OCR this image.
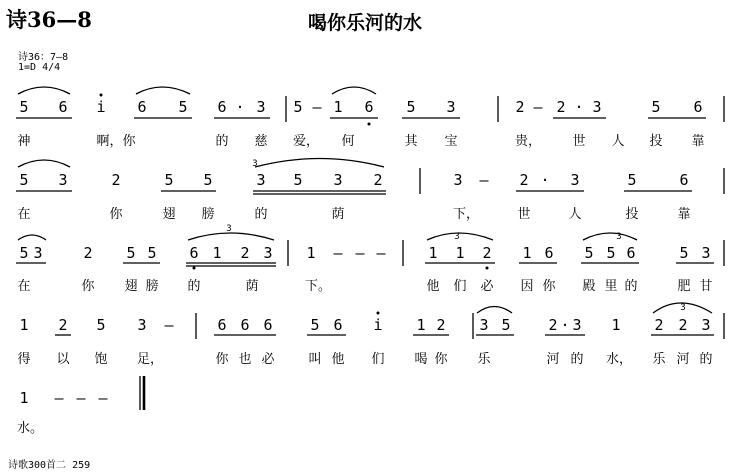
诗36—8	喝你乐河的水
诗36：7—8
1=D 4/4
5 6 i 6 5 6 · 3 5 – 1 6 5 3	2 – 2 · 3	5 6
神	啊，你	的 慈	爱，	何	其 宝	贵，	世 人 投 靠
5 3	2	5 5	3 5 3 2	3 – 2 · 3	5	6
在	你	翅 膀	的	荫	下，	世	人	投	靠
5 3	2 5 5 6 1 2 3 1 – – –	1 1 2 1 6 5 5 6	5 3
在	你 翅 膀 的	荫	下。	他 们 必 因 你 殿 里 的	肥 甘
1 2 5 3 –	6 6 6	5 6 i 1 2 3 5	2 · 3 1 2 2 3
得 以 饱	足，	你 也 必	叫 他 们 喝 你 乐	河 的 水， 乐 河 的
1 – – –
水。
3
3	3
3
3
诗歌300首二 259
